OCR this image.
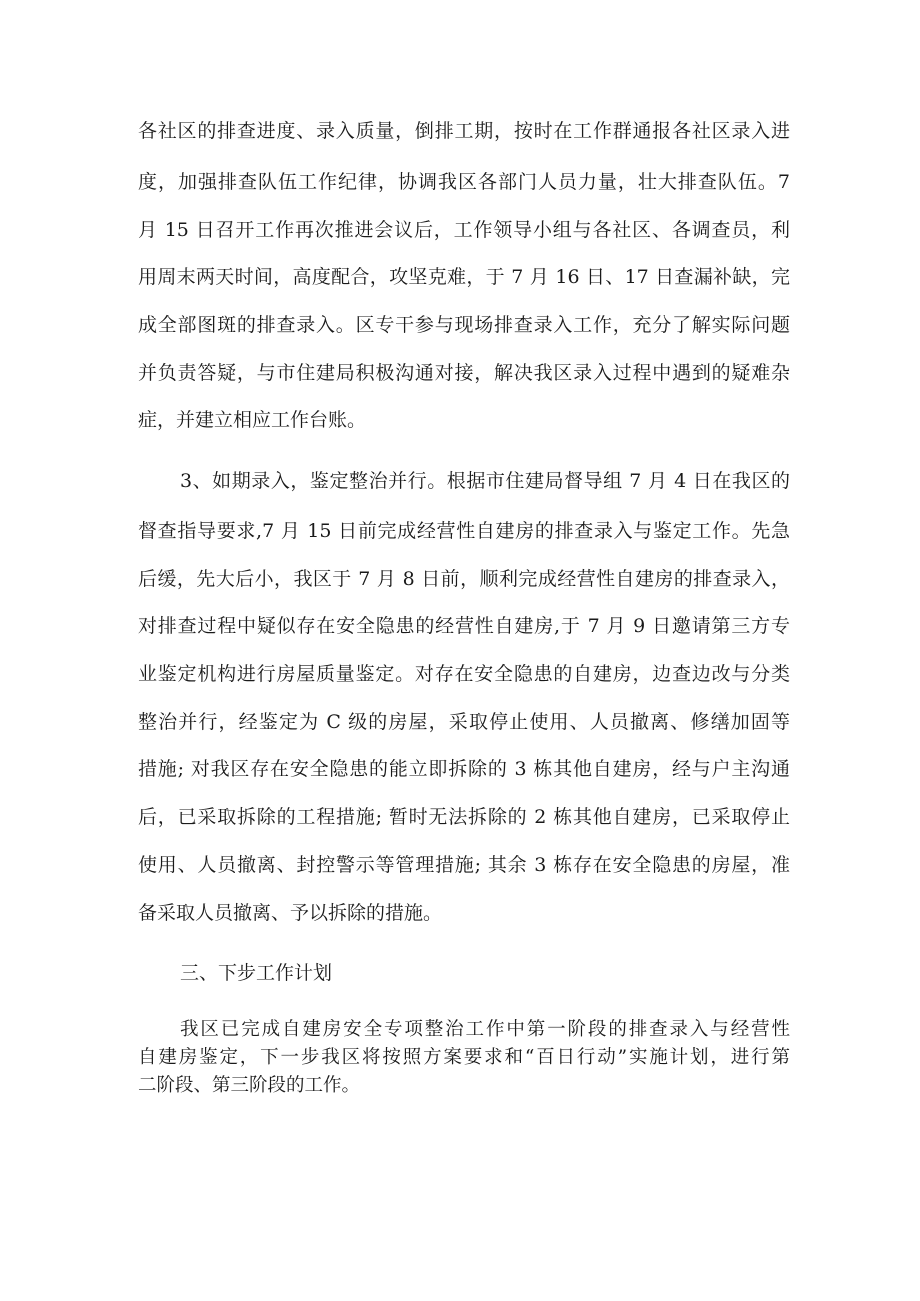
各社区的排查进度、录入质量，倒排工期，按时在工作群通报各社区录入进
度，加强排查队伍工作纪律，协调我区各部门人员力量，壮大排查队伍。7
月 15 日召开工作再次推进会议后，工作领导小组与各社区、各调查员，利
用周末两天时间，高度配合，攻坚克难，于 7 月 16 日、17 日查漏补缺，完
成全部图斑的排查录入。区专干参与现场排查录入工作，充分了解实际问题
并负责答疑，与市住建局积极沟通对接，解决我区录入过程中遇到的疑难杂
症，并建立相应工作台账。
3、如期录入，鉴定整治并行。根据市住建局督导组 7 月 4 日在我区的
督查指导要求,7 月 15 日前完成经营性自建房的排查录入与鉴定工作。先急
后缓，先大后小，我区于 7 月 8 日前，顺利完成经营性自建房的排查录入，
对排查过程中疑似存在安全隐患的经营性自建房,于 7 月 9 日邀请第三方专
业鉴定机构进行房屋质量鉴定。对存在安全隐患的自建房，边查边改与分类
整治并行，经鉴定为 C 级的房屋，采取停止使用、人员撤离、修缮加固等
措施; 对我区存在安全隐患的能立即拆除的 3 栋其他自建房，经与户主沟通
后，已采取拆除的工程措施; 暂时无法拆除的 2 栋其他自建房，已采取停止
使用、人员撤离、封控警示等管理措施; 其余 3 栋存在安全隐患的房屋，准
备采取人员撤离、予以拆除的措施。
三、下步工作计划
我区已完成自建房安全专项整治工作中第一阶段的排查录入与经营性
自建房鉴定，下一步我区将按照方案要求和“百日行动”实施计划，进行第
二阶段、第三阶段的工作。
